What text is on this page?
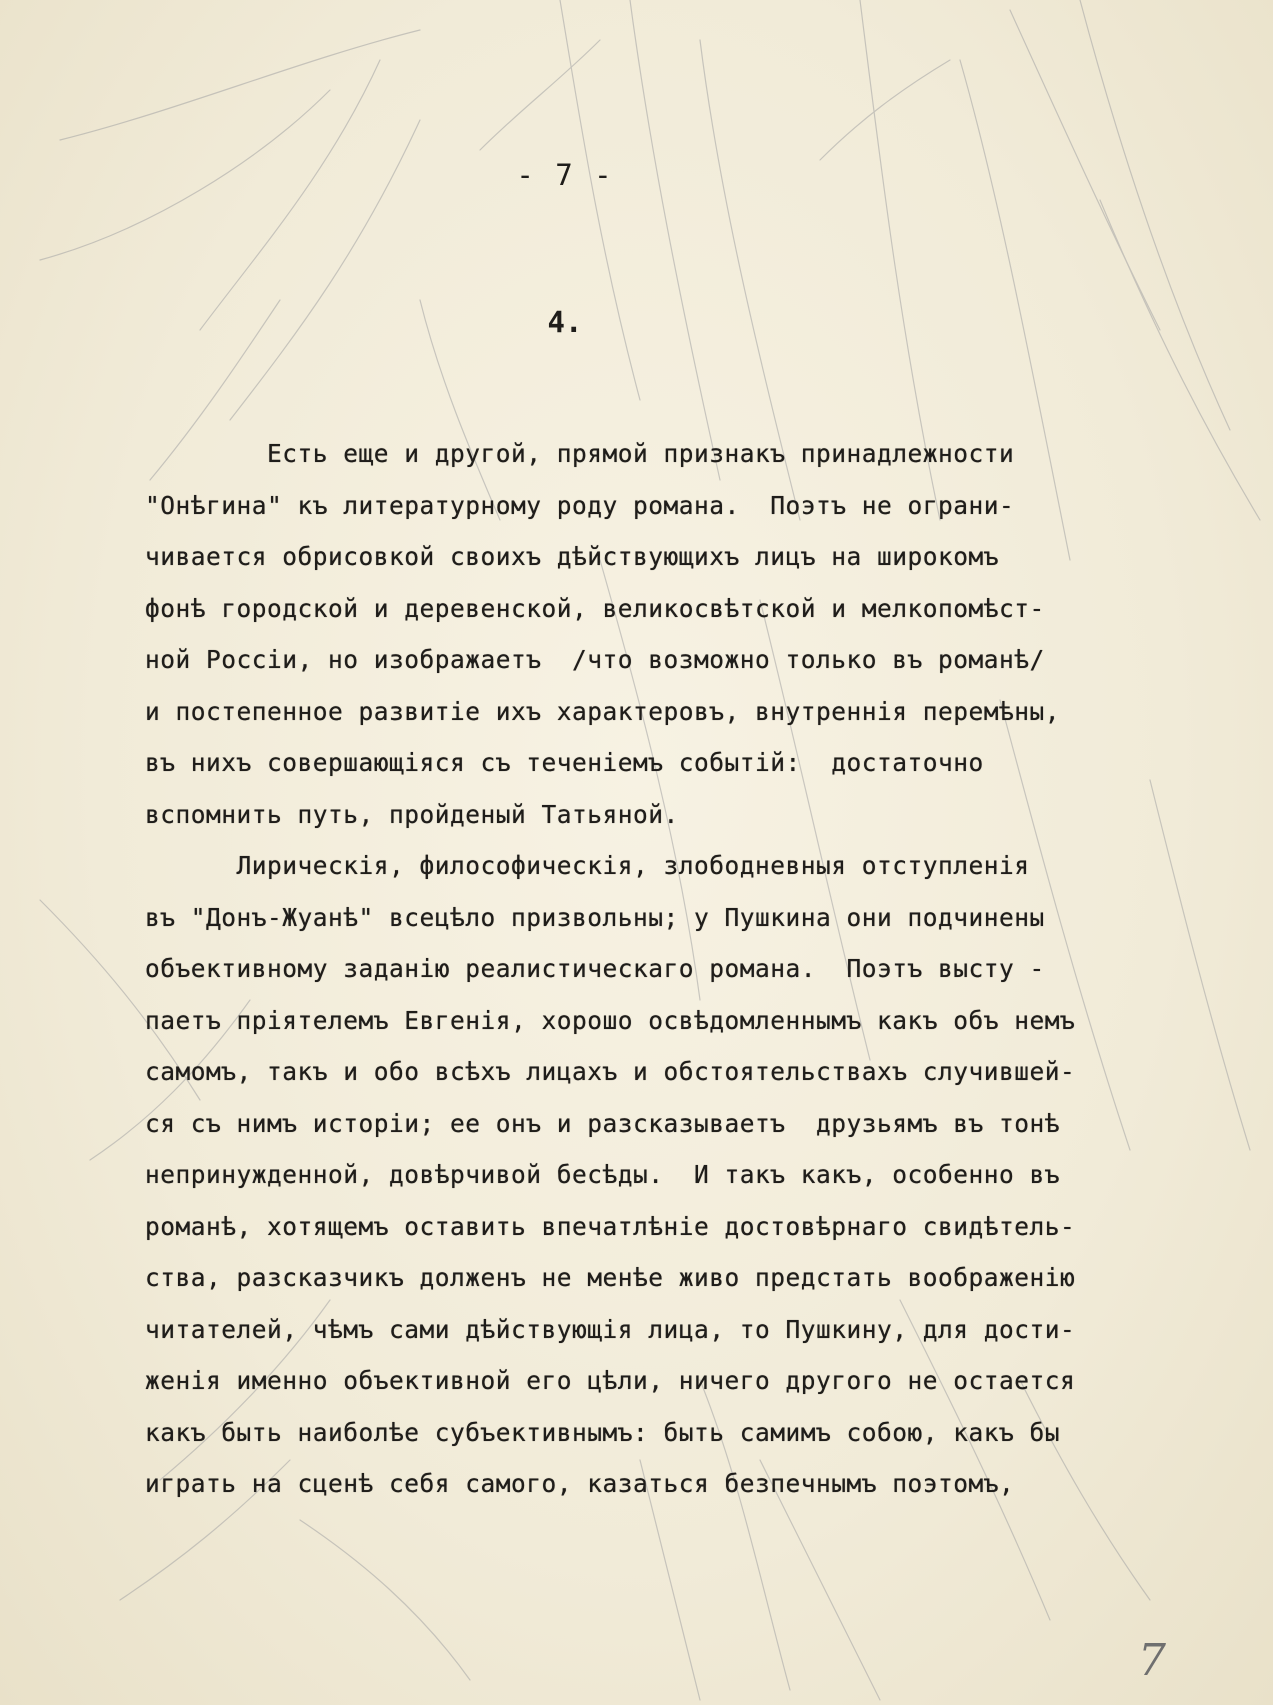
- 7 -
4.
Есть еще и другой, прямой признакъ принадлежности
"Онѣгина" къ литературному роду романа.  Поэтъ не ограни-
чивается обрисовкой своихъ дѣйствующихъ лицъ на широкомъ
фонѣ городской и деревенской, великосвѣтской и мелкопомѣст-
ной Россiи, но изображаетъ  /что возможно только въ романѣ/
и постепенное развитiе ихъ характеровъ, внутреннiя перемѣны,
въ нихъ совершающiяся съ теченiемъ событiй:  достаточно
вспомнить путь, пройденый Татьяной.
Лирическiя, философическiя, злободневныя отступленiя
въ "Донъ-Жуанѣ" всецѣло призвольны; у Пушкина они подчинены
объективному заданiю реалистическаго романа.  Поэтъ высту -
паетъ прiятелемъ Евгенiя, хорошо освѣдомленнымъ какъ объ немъ
самомъ, такъ и обо всѣхъ лицахъ и обстоятельствахъ случившей-
ся съ нимъ исторiи; ее онъ и разсказываетъ  друзьямъ въ тонѣ
непринужденной, довѣрчивой бесѣды.  И такъ какъ, особенно въ
романѣ, хотящемъ оставить впечатлѣнiе достовѣрнаго свидѣтель-
ства, разсказчикъ долженъ не менѣе живо предстать воображенiю
читателей, чѣмъ сами дѣйствующiя лица, то Пушкину, для дости-
женiя именно объективной его цѣли, ничего другого не остается
какъ быть наиболѣе субъективнымъ: быть самимъ собою, какъ бы
играть на сценѣ себя самого, казаться безпечнымъ поэтомъ,
7
